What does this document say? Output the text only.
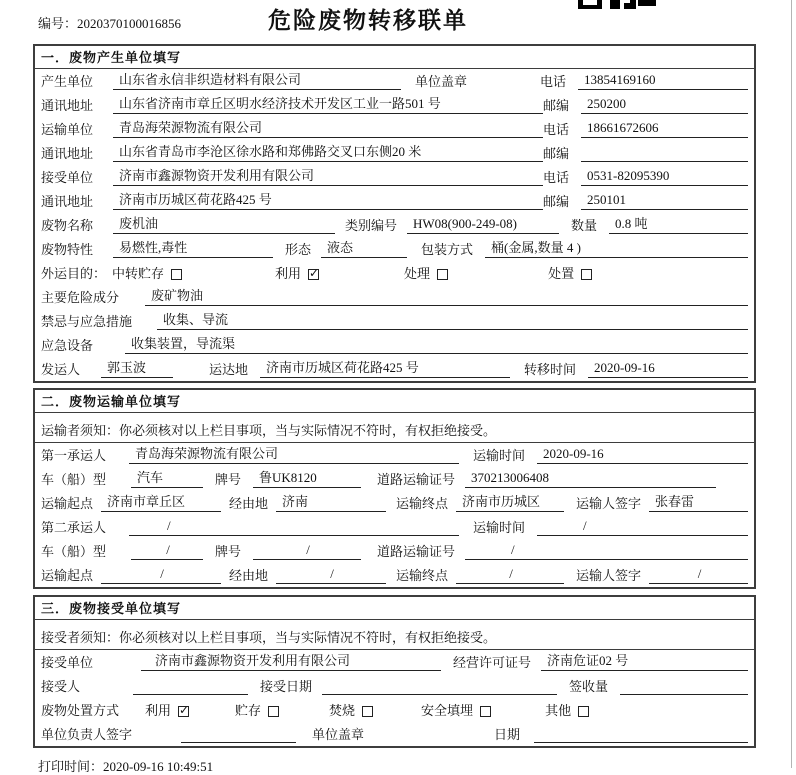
编号：2020370100016856	危险废物转移联单
一．废物产生单位填写
产生单位	山东省永信非织造材料有限公司	单位盖章	电话	13854169160
通讯地址	山东省济南市章丘区明水经济技术开发区工业一路501 号	邮编	250200
运输单位	青岛海荣源物流有限公司	电话	18661672606
通讯地址	山东省青岛市李沧区徐水路和郑佛路交叉口东侧20 米	邮编
接受单位	济南市鑫源物资开发利用有限公司	电话	0531-82095390
通讯地址	济南市历城区荷花路425 号	邮编	250101
废物名称	废机油	类别编号	HW08(900-249-08)	数量	0.8 吨
废物特性	易燃性,毒性	形态	液态	包装方式	桶(金属,数量 4 )
外运目的： 中转贮存	利用 ✓	处理	处置
主要危险成分	废矿物油
禁忌与应急措施	收集、导流
应急设备	收集装置，导流渠
发运人	郭玉波	运达地	济南市历城区荷花路425 号	转移时间	2020-09-16
二．废物运输单位填写
运输者须知：你必须核对以上栏目事项，当与实际情况不符时，有权拒绝接受。
第一承运人	青岛海荣源物流有限公司	运输时间	2020-09-16
车（船）型	汽车	牌号	鲁UK8120	道路运输证号	370213006408
运输起点	济南市章丘区	经由地	济南	运输终点	济南市历城区	运输人签字	张春雷
第二承运人	/	运输时间	/
车（船）型	/	牌号	/	道路运输证号	/
运输起点	/	经由地	/	运输终点	/	运输人签字	/
三．废物接受单位填写
接受者须知：你必须核对以上栏目事项，当与实际情况不符时，有权拒绝接受。
接受单位	济南市鑫源物资开发利用有限公司	经营许可证号	济南危证02 号
接受人	接受日期	签收量
废物处置方式	利用 ✓	贮存	焚烧	安全填埋	其他
单位负责人签字	单位盖章	日期
打印时间：2020-09-16 10:49:51
